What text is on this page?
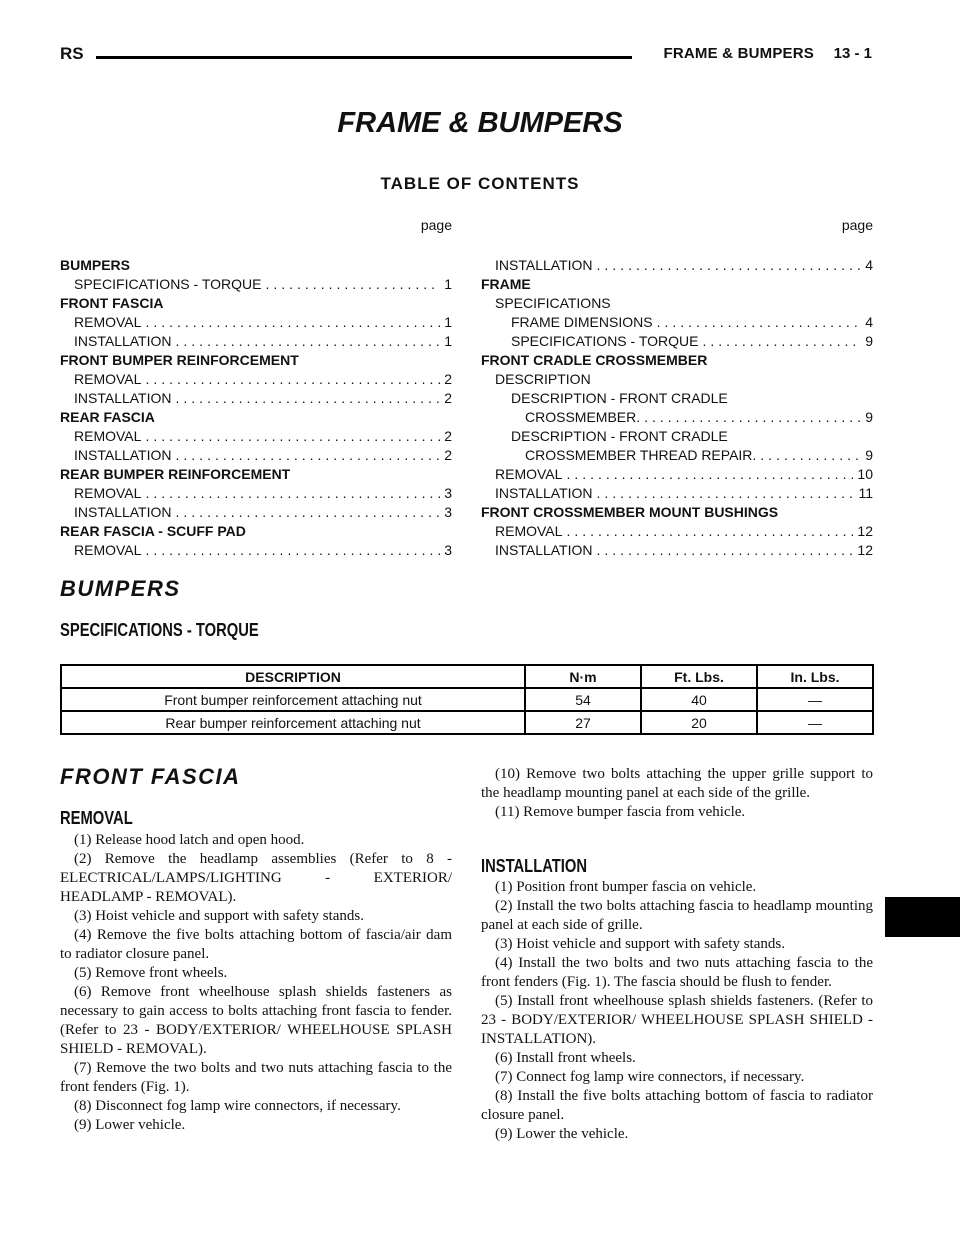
RS	FRAME & BUMPERS 13 - 1
FRAME & BUMPERS
TABLE OF CONTENTS
page
BUMPERS
SPECIFICATIONS - TORQUE .....	1
FRONT FASCIA
REMOVAL .....	1
INSTALLATION .....	1
FRONT BUMPER REINFORCEMENT
REMOVAL .....	2
INSTALLATION .....	2
REAR FASCIA
REMOVAL .....	2
INSTALLATION .....	2
REAR BUMPER REINFORCEMENT
REMOVAL .....	3
INSTALLATION .....	3
REAR FASCIA - SCUFF PAD
REMOVAL .....	3
page
INSTALLATION .....	4
FRAME
SPECIFICATIONS
FRAME DIMENSIONS .....	4
SPECIFICATIONS - TORQUE .....	9
FRONT CRADLE CROSSMEMBER
DESCRIPTION
DESCRIPTION - FRONT CRADLE
CROSSMEMBER .....	9
DESCRIPTION - FRONT CRADLE
CROSSMEMBER THREAD REPAIR .....	9
REMOVAL .....	10
INSTALLATION .....	11
FRONT CROSSMEMBER MOUNT BUSHINGS
REMOVAL .....	12
INSTALLATION .....	12
BUMPERS
SPECIFICATIONS - TORQUE
DESCRIPTION	N·m	Ft. Lbs.	In. Lbs.
Front bumper reinforcement attaching nut	54	40	—
Rear bumper reinforcement attaching nut	27	20	—
FRONT FASCIA
REMOVAL

(1) Release hood latch and open hood.

(2) Remove the headlamp assemblies (Refer to 8 - ELECTRICAL/LAMPS/LIGHTING - EXTERIOR/ HEADLAMP - REMOVAL).

(3) Hoist vehicle and support with safety stands.

(4) Remove the five bolts attaching bottom of fascia/air dam to radiator closure panel.

(5) Remove front wheels.

(6) Remove front wheelhouse splash shields fasteners as necessary to gain access to bolts attaching front fascia to fender. (Refer to 23 - BODY/EXTERIOR/ WHEELHOUSE SPLASH SHIELD - REMOVAL).

(7) Remove the two bolts and two nuts attaching fascia to the front fenders (Fig. 1).

(8) Disconnect fog lamp wire connectors, if necessary.

(9) Lower vehicle.

(10) Remove two bolts attaching the upper grille support to the headlamp mounting panel at each side of the grille.

(11) Remove bumper fascia from vehicle.

INSTALLATION

(1) Position front bumper fascia on vehicle.

(2) Install the two bolts attaching fascia to headlamp mounting panel at each side of grille.

(3) Hoist vehicle and support with safety stands.

(4) Install the two bolts and two nuts attaching fascia to the front fenders (Fig. 1). The fascia should be flush to fender.

(5) Install front wheelhouse splash shields fasteners. (Refer to 23 - BODY/EXTERIOR/ WHEELHOUSE SPLASH SHIELD - INSTALLATION).

(6) Install front wheels.

(7) Connect fog lamp wire connectors, if necessary.

(8) Install the five bolts attaching bottom of fascia to radiator closure panel.

(9) Lower the vehicle.
